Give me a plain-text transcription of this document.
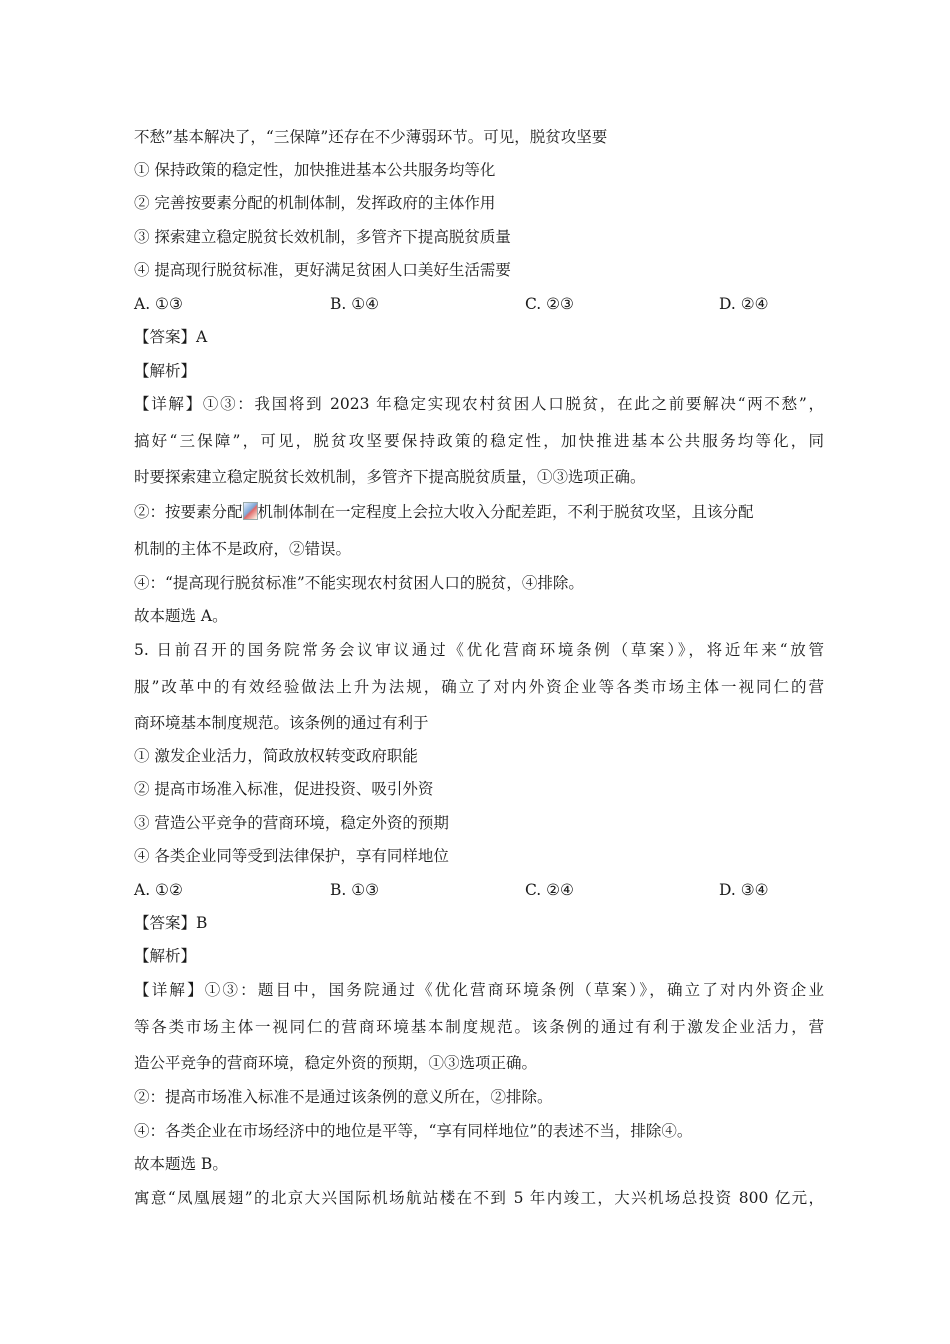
不愁”基本解决了，“三保障”还存在不少薄弱环节。可见，脱贫攻坚要
① 保持政策的稳定性，加快推进基本公共服务均等化
② 完善按要素分配的机制体制，发挥政府的主体作用
③ 探索建立稳定脱贫长效机制，多管齐下提高脱贫质量
④ 提高现行脱贫标准，更好满足贫困人口美好生活需要
A. ①③	B. ①④	C. ②③	D. ②④
【答案】A
【解析】
【详解】①③：我国将到 2023 年稳定实现农村贫困人口脱贫，在此之前要解决“两不愁”，
搞好“三保障”，可见，脱贫攻坚要保持政策的稳定性，加快推进基本公共服务均等化，同
时要探索建立稳定脱贫长效机制，多管齐下提高脱贫质量，①③选项正确。
②：按要素分配 机制体制在一定程度上会拉大收入分配差距，不利于脱贫攻坚，且该分配
机制的主体不是政府，②错误。
④：“提高现行脱贫标准”不能实现农村贫困人口的脱贫，④排除。
故本题选 A。
5. 日前召开的国务院常务会议审议通过《优化营商环境条例（草案）》，将近年来“放管
服”改革中的有效经验做法上升为法规，确立了对内外资企业等各类市场主体一视同仁的营
商环境基本制度规范。该条例的通过有利于
① 激发企业活力，简政放权转变政府职能
② 提高市场准入标准，促进投资、吸引外资
③ 营造公平竞争的营商环境，稳定外资的预期
④ 各类企业同等受到法律保护，享有同样地位
A. ①②	B. ①③	C. ②④	D. ③④
【答案】B
【解析】
【详解】①③：题目中，国务院通过《优化营商环境条例（草案）》，确立了对内外资企业
等各类市场主体一视同仁的营商环境基本制度规范。该条例的通过有利于激发企业活力，营
造公平竞争的营商环境，稳定外资的预期，①③选项正确。
②：提高市场准入标准不是通过该条例的意义所在，②排除。
④：各类企业在市场经济中的地位是平等，“享有同样地位”的表述不当，排除④。
故本题选 B。
寓意“凤凰展翅”的北京大兴国际机场航站楼在不到 5 年内竣工，大兴机场总投资 800 亿元，
